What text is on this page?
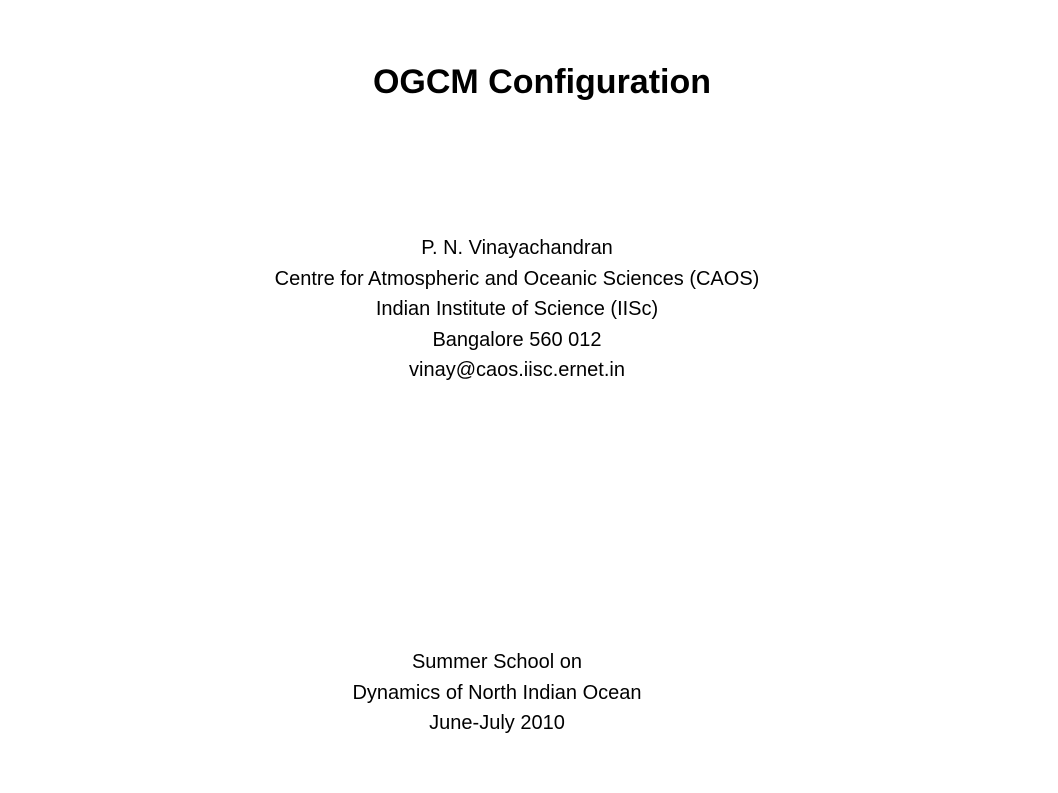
OGCM Configuration
P. N. Vinayachandran
Centre for Atmospheric and Oceanic Sciences (CAOS)
Indian Institute of Science (IISc)
Bangalore 560 012
vinay@caos.iisc.ernet.in
Summer School on
Dynamics of North Indian Ocean
June-July 2010
